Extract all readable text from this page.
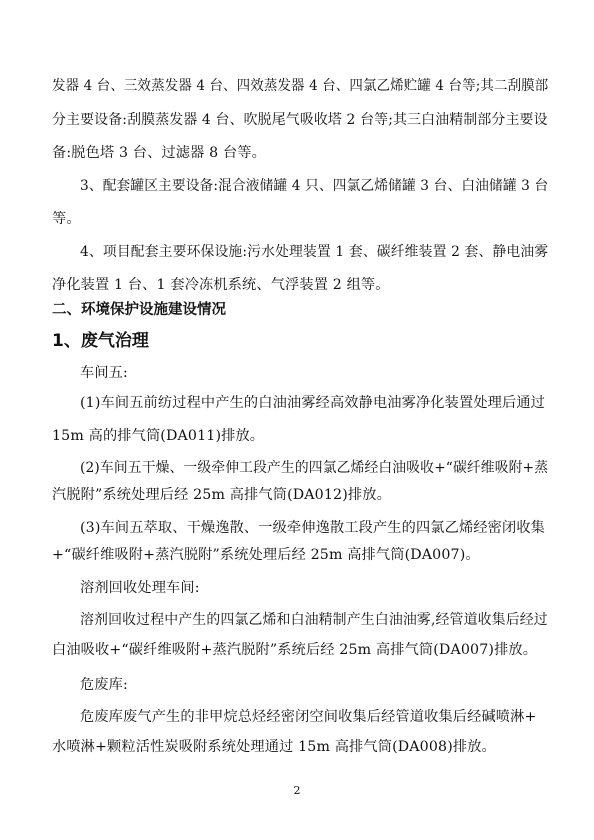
发器 4 台、三效蒸发器 4 台、四效蒸发器 4 台、四氯乙烯贮罐 4 台等;其二刮膜部
分主要设备:刮膜蒸发器 4 台、吹脱尾气吸收塔 2 台等;其三白油精制部分主要设
备:脱色塔 3 台、过滤器 8 台等。
3、配套罐区主要设备:混合液储罐 4 只、四氯乙烯储罐 3 台、白油储罐 3 台
等。
4、项目配套主要环保设施:污水处理装置 1 套、碳纤维装置 2 套、静电油雾
净化装置 1 台、1 套冷冻机系统、气浮装置 2 组等。
二、环境保护设施建设情况
1、废气治理
车间五:
(1)车间五前纺过程中产生的白油油雾经高效静电油雾净化装置处理后通过
15m 高的排气筒(DA011)排放。
(2)车间五干燥、一级牵伸工段产生的四氯乙烯经白油吸收+“碳纤维吸附+蒸
汽脱附”系统处理后经 25m 高排气筒(DA012)排放。
(3)车间五萃取、干燥逸散、一级牵伸逸散工段产生的四氯乙烯经密闭收集
+“碳纤维吸附+蒸汽脱附”系统处理后经 25m 高排气筒(DA007)。
溶剂回收处理车间:
溶剂回收过程中产生的四氯乙烯和白油精制产生白油油雾,经管道收集后经过
白油吸收+“碳纤维吸附+蒸汽脱附”系统后经 25m 高排气筒(DA007)排放。
危废库:
危废库废气产生的非甲烷总烃经密闭空间收集后经管道收集后经碱喷淋+
水喷淋+颗粒活性炭吸附系统处理通过 15m 高排气筒(DA008)排放。
2
